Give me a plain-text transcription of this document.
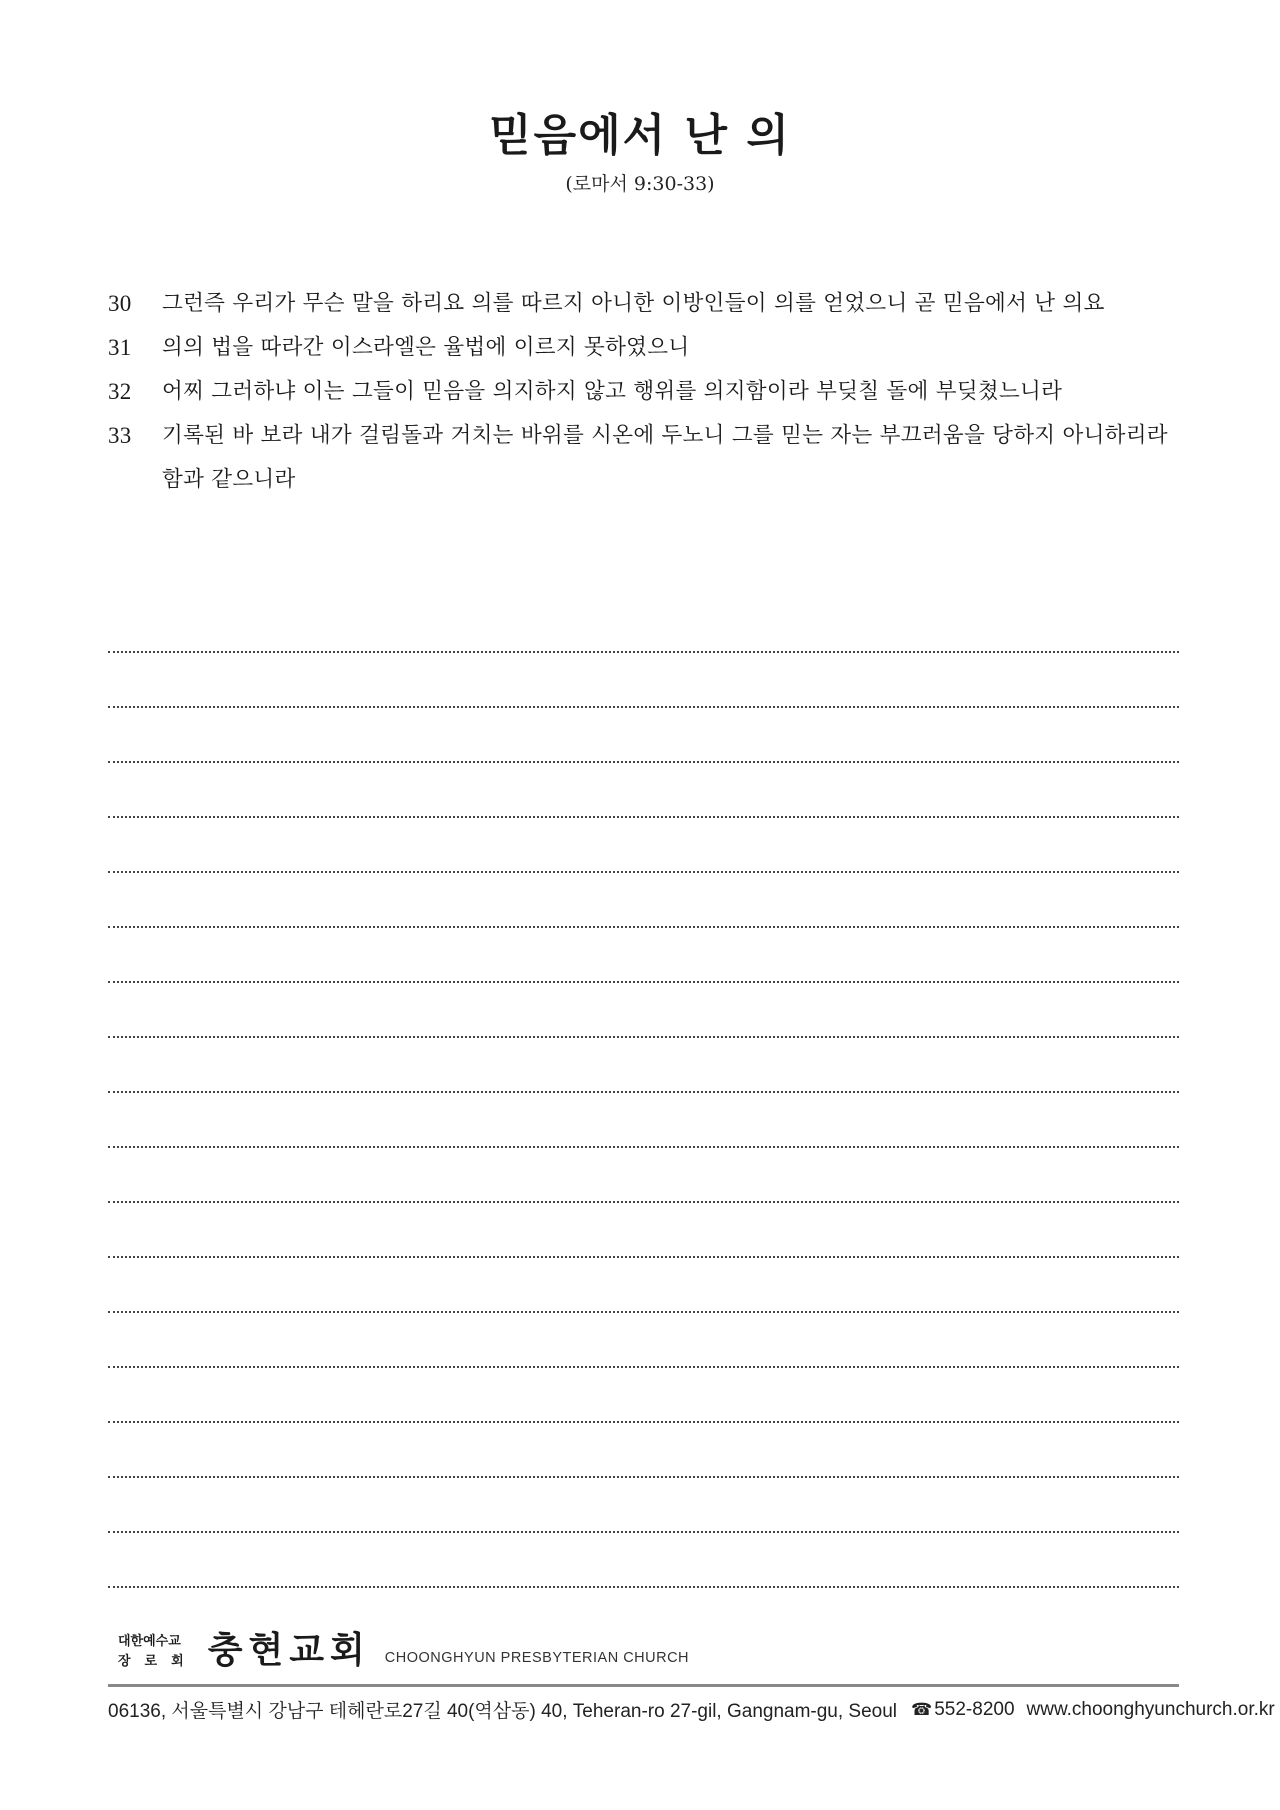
믿음에서 난 의
(로마서 9:30-33)
30	그런즉 우리가 무슨 말을 하리요 의를 따르지 아니한 이방인들이 의를 얻었으니 곧 믿음에서 난 의요
31	의의 법을 따라간 이스라엘은 율법에 이르지 못하였으니
32	어찌 그러하냐 이는 그들이 믿음을 의지하지 않고 행위를 의지함이라 부딪칠 돌에 부딪쳤느니라
33	기록된 바 보라 내가 걸림돌과 거치는 바위를 시온에 두노니 그를 믿는 자는 부끄러움을 당하지 아니하리라
함과 같으니라
대한예수교
장로회 충현교회 CHOONGHYUN PRESBYTERIAN CHURCH
06136, 서울특별시 강남구 테헤란로27길 40(역삼동) 40, Teheran-ro 27-gil, Gangnam-gu, Seoul ☎ 552-8200 www.choonghyunchurch.or.kr
